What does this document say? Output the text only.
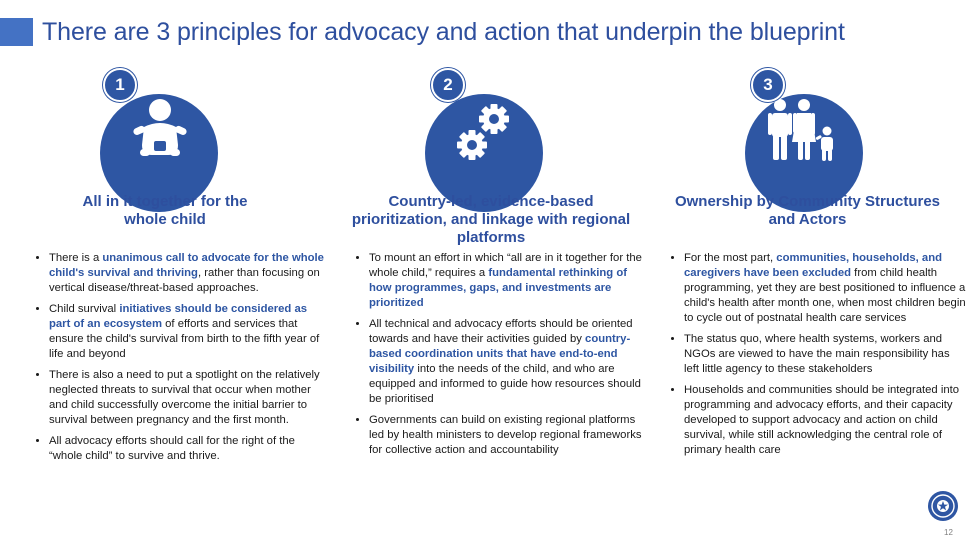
There are 3 principles for advocacy and action that underpin the blueprint
1
All in it together for the
whole child
• There is a unanimous call to advocate for the whole child's survival and thriving, rather than focusing on vertical disease/threat-based approaches.
• Child survival initiatives should be considered as part of an ecosystem of efforts and services that ensure the child's survival from birth to the fifth year of life and beyond
• There is also a need to put a spotlight on the relatively neglected threats to survival that occur when mother and child successfully overcome the initial barrier to survival between pregnancy and the first month.
• All advocacy efforts should call for the right of the “whole child” to survive and thrive.
2
Country-led, evidence-based
prioritization, and linkage with regional
platforms
• To mount an effort in which “all are in it together for the whole child,” requires a fundamental rethinking of how programmes, gaps, and investments are prioritized
• All technical and advocacy efforts should be oriented towards and have their activities guided by country-based coordination units that have end-to-end visibility into the needs of the child, and who are equipped and informed to guide how resources should be prioritised
• Governments can build on existing regional platforms led by health ministers to develop regional frameworks for collective action and accountability
3
Ownership by Community Structures
and Actors
• For the most part, communities, households, and caregivers have been excluded from child health programming, yet they are best positioned to influence a child's health after month one, when most children begin to cycle out of postnatal health care services
• The status quo, where health systems, workers and NGOs are viewed to have the main responsibility has left little agency to these stakeholders
• Households and communities should be integrated into programming and advocacy efforts, and their capacity developed to support advocacy and action on child survival, while still acknowledging the central role of primary health care
12
